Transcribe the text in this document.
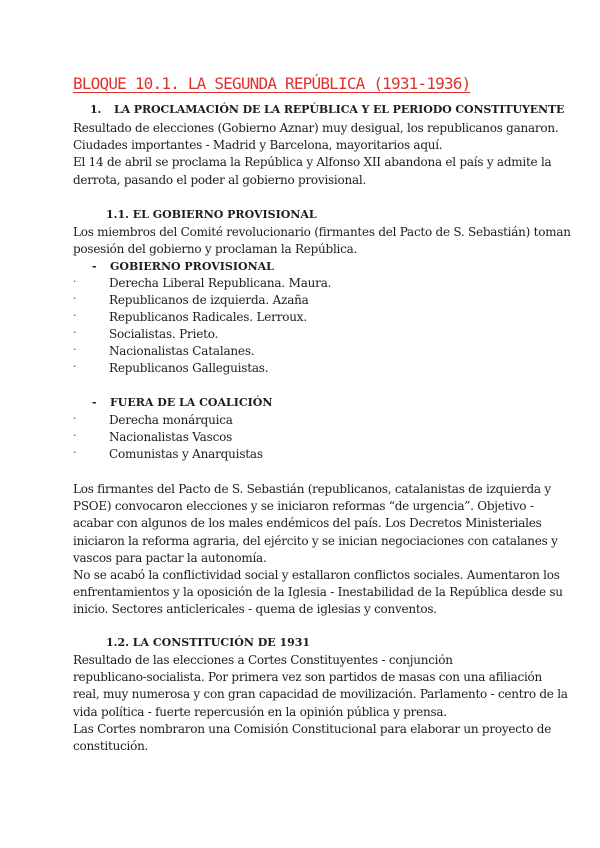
BLOQUE 10.1. LA SEGUNDA REPÚBLICA (1931-1936)
1. LA PROCLAMACIÓN DE LA REPÚBLICA Y EL PERIODO CONSTITUYENTE

Resultado de elecciones (Gobierno Aznar) muy desigual, los republicanos ganaron.
Ciudades importantes - Madrid y Barcelona, mayoritarios aquí.
El 14 de abril se proclama la República y Alfonso XII abandona el país y admite la
derrota, pasando el poder al gobierno provisional.

1.1. EL GOBIERNO PROVISIONAL

Los miembros del Comité revolucionario (firmantes del Pacto de S. Sebastián) toman
posesión del gobierno y proclaman la República.

- GOBIERNO PROVISIONAL
·	Derecha Liberal Republicana. Maura.
·	Republicanos de izquierda. Azaña
·	Republicanos Radicales. Lerroux.
·	Socialistas. Prieto.
·	Nacionalistas Catalanes.
·	Republicanos Galleguistas.
- FUERA DE LA COALICIÓN
·	Derecha monárquica
·	Nacionalistas Vascos
·	Comunistas y Anarquistas

Los firmantes del Pacto de S. Sebastián (republicanos, catalanistas de izquierda y
PSOE) convocaron elecciones y se iniciaron reformas “de urgencia”. Objetivo -
acabar con algunos de los males endémicos del país. Los Decretos Ministeriales
iniciaron la reforma agraria, del ejército y se inician negociaciones con catalanes y
vascos para pactar la autonomía.
No se acabó la conflictividad social y estallaron conflictos sociales. Aumentaron los
enfrentamientos y la oposición de la Iglesia - Inestabilidad de la República desde su
inicio. Sectores anticlericales - quema de iglesias y conventos.

1.2. LA CONSTITUCIÓN DE 1931

Resultado de las elecciones a Cortes Constituyentes - conjunción
republicano-socialista. Por primera vez son partidos de masas con una afiliación
real, muy numerosa y con gran capacidad de movilización. Parlamento - centro de la
vida política - fuerte repercusión en la opinión pública y prensa.
Las Cortes nombraron una Comisión Constitucional para elaborar un proyecto de
constitución.
